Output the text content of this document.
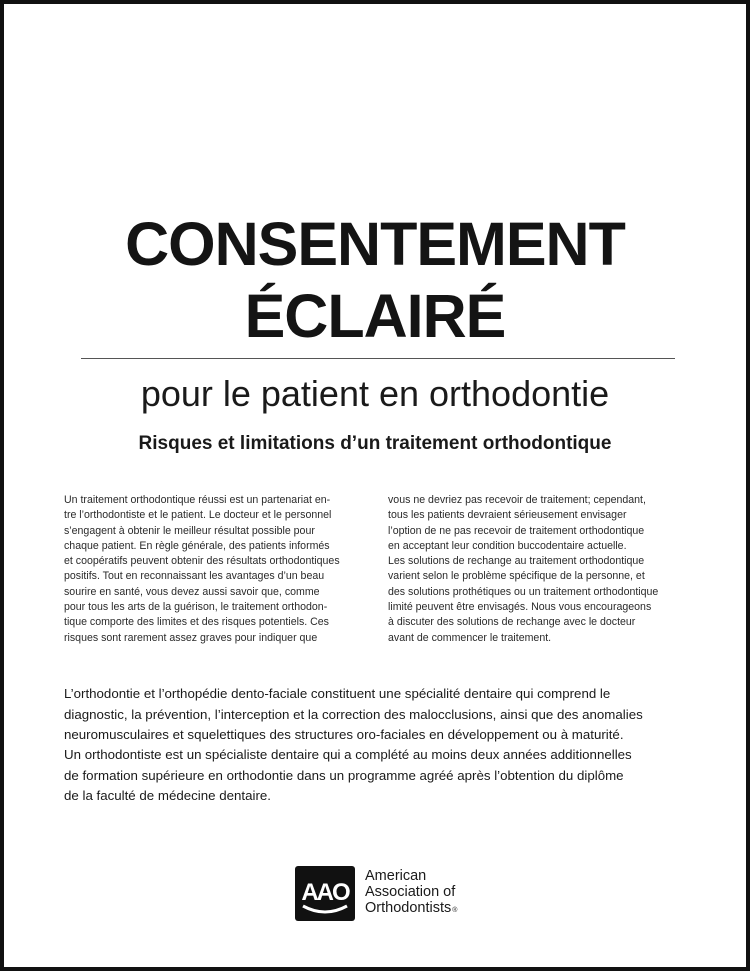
CONSENTEMENT
ÉCLAIRÉ
pour le patient en orthodontie
Risques et limitations d’un traitement orthodontique
Un traitement orthodontique réussi est un partenariat en-
tre l’orthodontiste et le patient. Le docteur et le personnel
s’engagent à obtenir le meilleur résultat possible pour
chaque patient. En règle générale, des patients informés
et coopératifs peuvent obtenir des résultats orthodontiques
positifs. Tout en reconnaissant les avantages d’un beau
sourire en santé, vous devez aussi savoir que, comme
pour tous les arts de la guérison, le traitement orthodon-
tique comporte des limites et des risques potentiels. Ces
risques sont rarement assez graves pour indiquer que
vous ne devriez pas recevoir de traitement; cependant,
tous les patients devraient sérieusement envisager
l’option de ne pas recevoir de traitement orthodontique
en acceptant leur condition buccodentaire actuelle.
Les solutions de rechange au traitement orthodontique
varient selon le problème spécifique de la personne, et
des solutions prothétiques ou un traitement orthodontique
limité peuvent être envisagés. Nous vous encourageons
à discuter des solutions de rechange avec le docteur
avant de commencer le traitement.
L’orthodontie et l’orthopédie dento-faciale constituent une spécialité dentaire qui comprend le
diagnostic, la prévention, l’interception et la correction des malocclusions, ainsi que des anomalies
neuromusculaires et squelettiques des structures oro-faciales en développement ou à maturité.
Un orthodontiste est un spécialiste dentaire qui a complété au moins deux années additionnelles
de formation supérieure en orthodontie dans un programme agréé après l’obtention du diplôme
de la faculté de médecine dentaire.
AAO
American
Association of
Orthodontists®
